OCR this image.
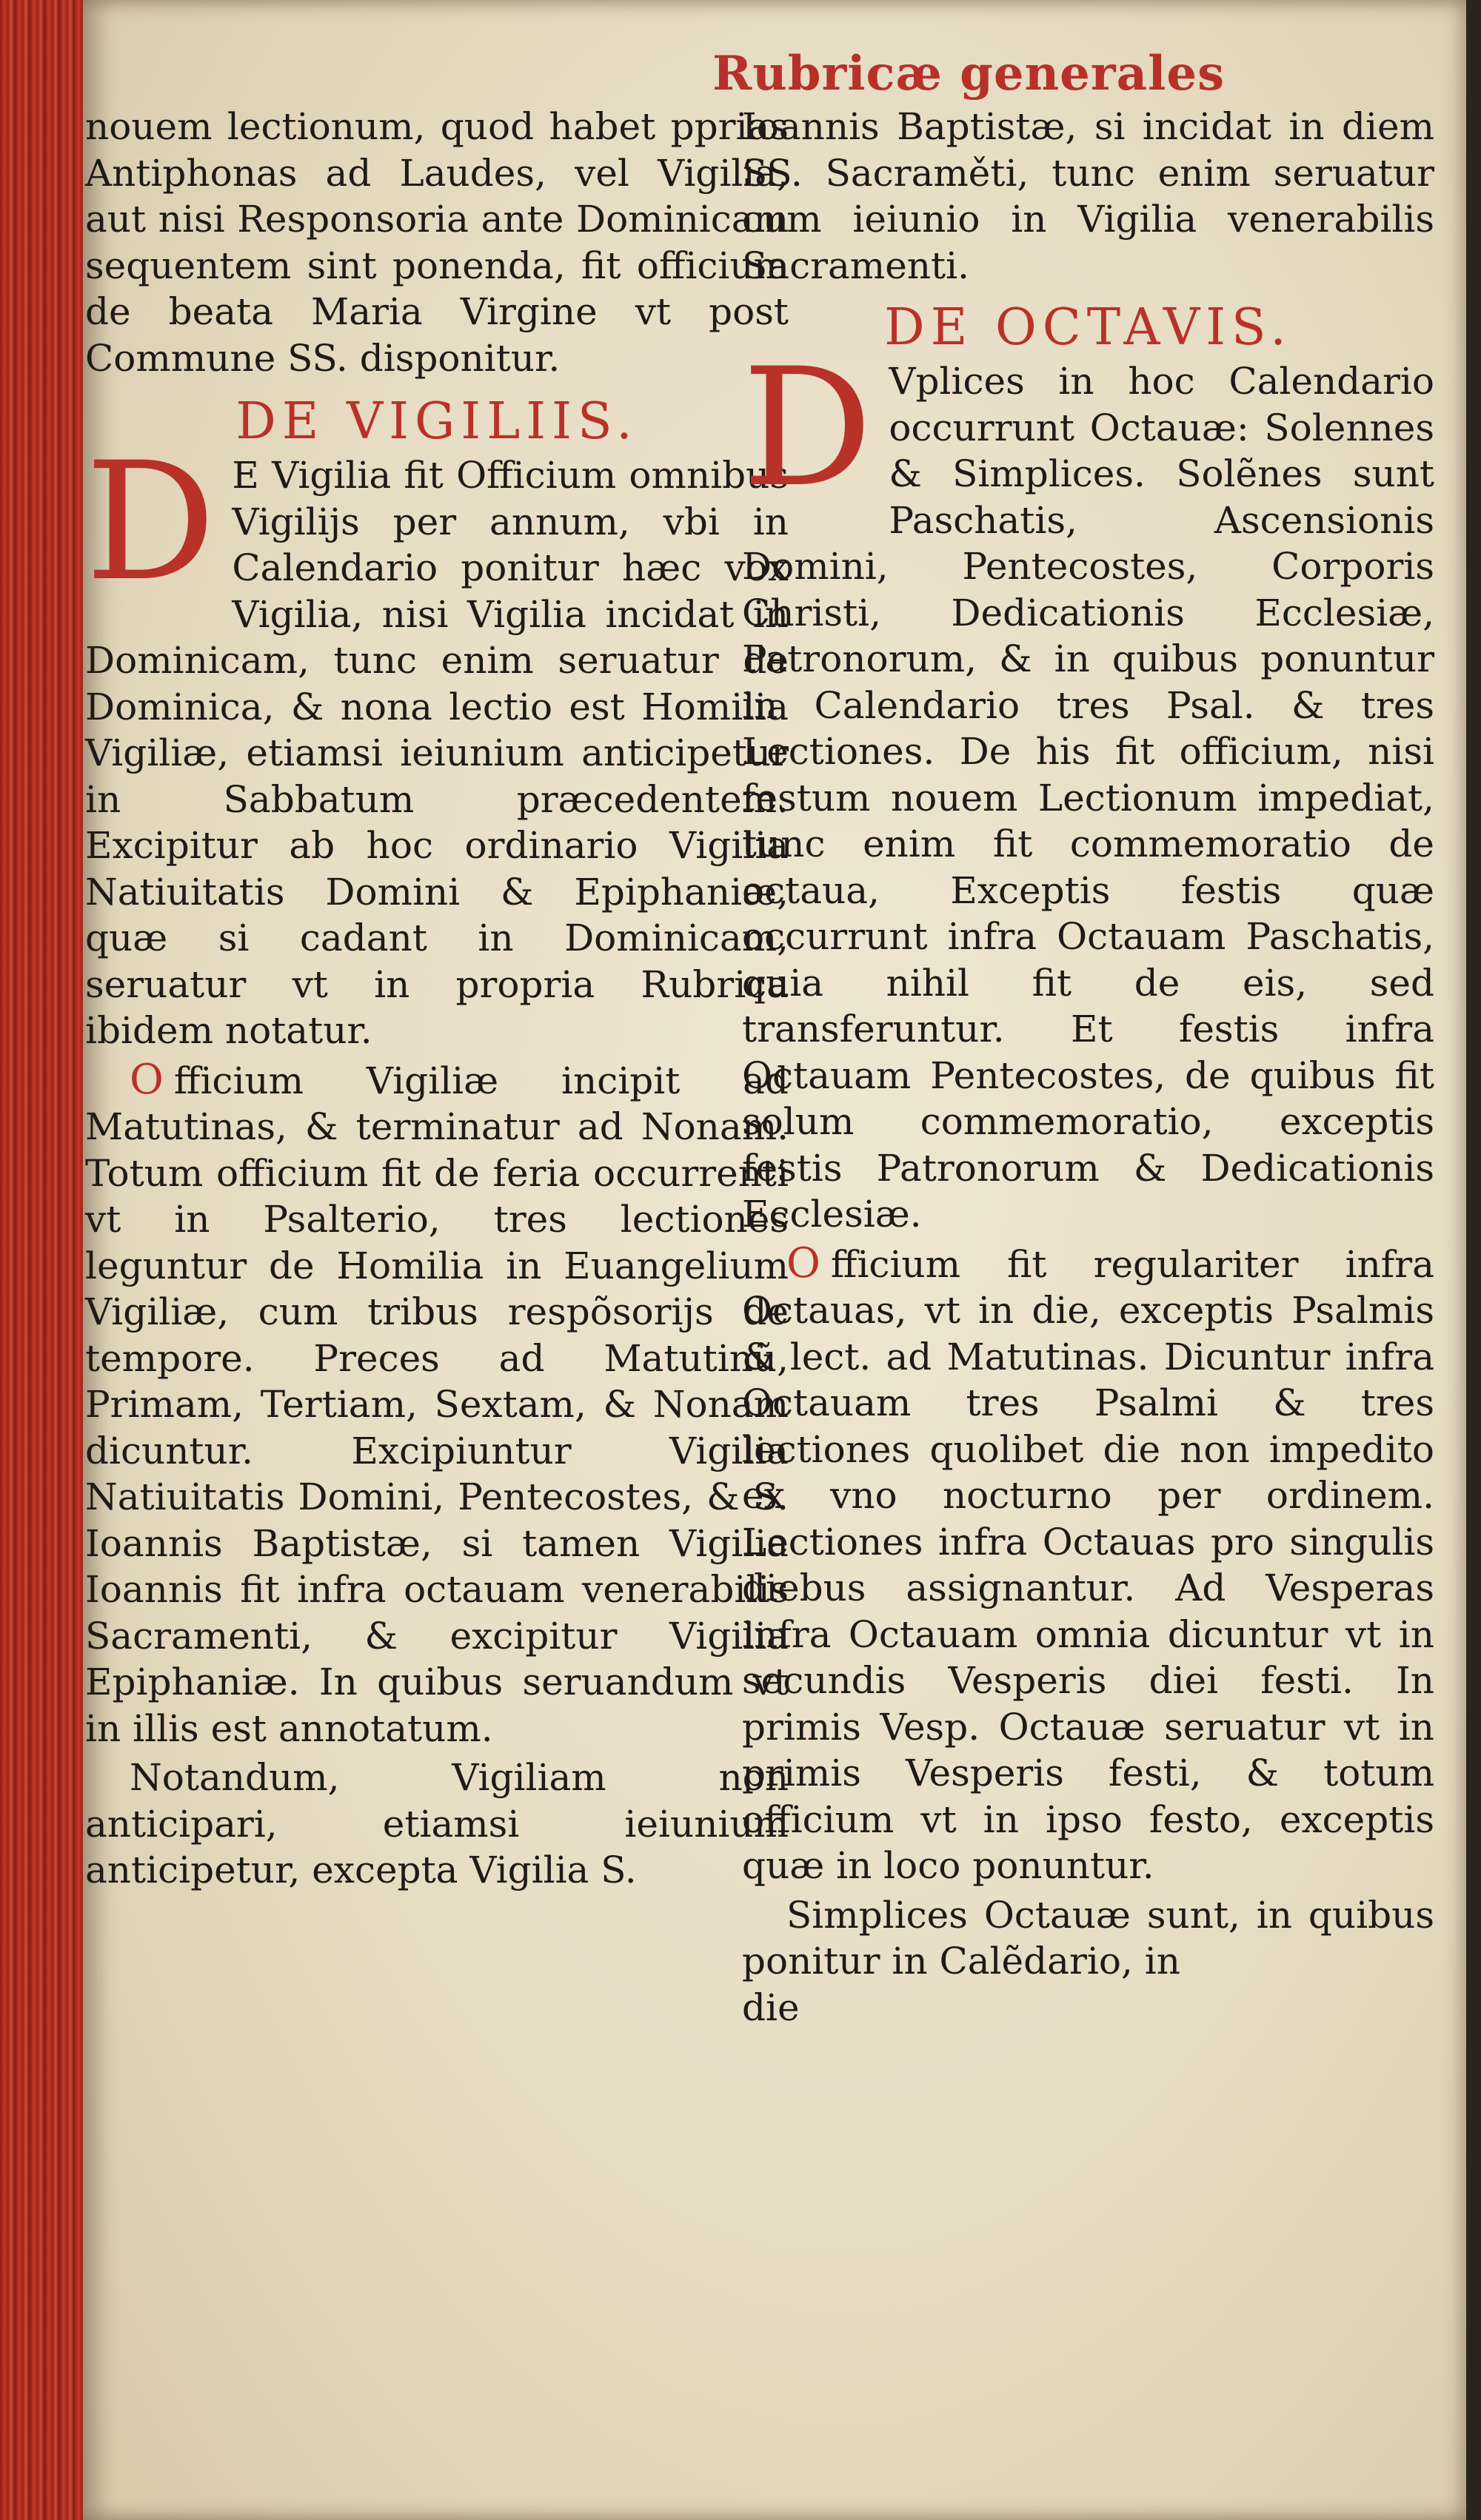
Rubricæ generales

nouem lectionum, quod habet pprias Antiphonas ad Laudes, vel Vigilia, aut nisi Responsoria ante Dominicam sequentem sint ponenda, fit officium de beata Maria Virgine vt post Commune SS. disponitur.

DE VIGILIIS.

D E Vigilia fit Officium omnibus Vigilijs per annum, vbi in Calendario ponitur hæc vox Vigilia, nisi Vigilia incidat in Dominicam, tunc enim seruatur de Dominica, & nona lectio est Homilia Vigiliæ, etiamsi ieiunium anticipetur in Sabbatum præcedentem. Excipitur ab hoc ordinario Vigilia Natiuitatis Domini & Epiphaniæ, quæ si cadant in Dominicam, seruatur vt in propria Rubrica ibidem notatur.

O fficium Vigiliæ incipit ad Matutinas, & terminatur ad Nonam. Totum officium fit de feria occurrenti vt in Psalterio, tres lectiones leguntur de Homilia in Euangelium Vigiliæ, cum tribus respõsorijs de tempore. Preces ad Matutinũ, Primam, Tertiam, Sextam, & Nonam dicuntur. Excipiuntur Vigilia Natiuitatis Domini, Pentecostes, & S. Ioannis Baptistæ, si tamen Vigilia Ioannis fit infra octauam venerabilis Sacramenti, & excipitur Vigilia Epiphaniæ. In quibus seruandum vt in illis est annotatum.

Notandum, Vigiliam non anticipari, etiamsi ieiunium anticipetur, excepta Vigilia S.

Ioannis Baptistæ, si incidat in diem SS. Sacraměti, tunc enim seruatur cum ieiunio in Vigilia venerabilis Sacramenti.

DE OCTAVIS.

D Vplices in hoc Calendario occurrunt Octauæ: Solennes & Simplices. Solẽnes sunt Paschatis, Ascensionis Domini, Pentecostes, Corporis Christi, Dedicationis Ecclesiæ, Patronorum, & in quibus ponuntur in Calendario tres Psal. & tres Lectiones. De his fit officium, nisi festum nouem Lectionum impediat, tunc enim fit commemoratio de octaua, Exceptis festis quæ occurrunt infra Octauam Paschatis, quia nihil fit de eis, sed transferuntur. Et festis infra Octauam Pentecostes, de quibus fit solum commemoratio, exceptis festis Patronorum & Dedicationis Ecclesiæ.

O fficium fit regulariter infra Octauas, vt in die, exceptis Psalmis & lect. ad Matutinas. Dicuntur infra Octauam tres Psalmi & tres lectiones quolibet die non impedito ex vno nocturno per ordinem. Lectiones infra Octauas pro singulis diebus assignantur. Ad Vesperas infra Octauam omnia dicuntur vt in secundis Vesperis diei festi. In primis Vesp. Octauæ seruatur vt in primis Vesperis festi, & totum officium vt in ipso festo, exceptis quæ in loco ponuntur.

Simplices Octauæ sunt, in quibus ponitur in Calẽdario, in

die
